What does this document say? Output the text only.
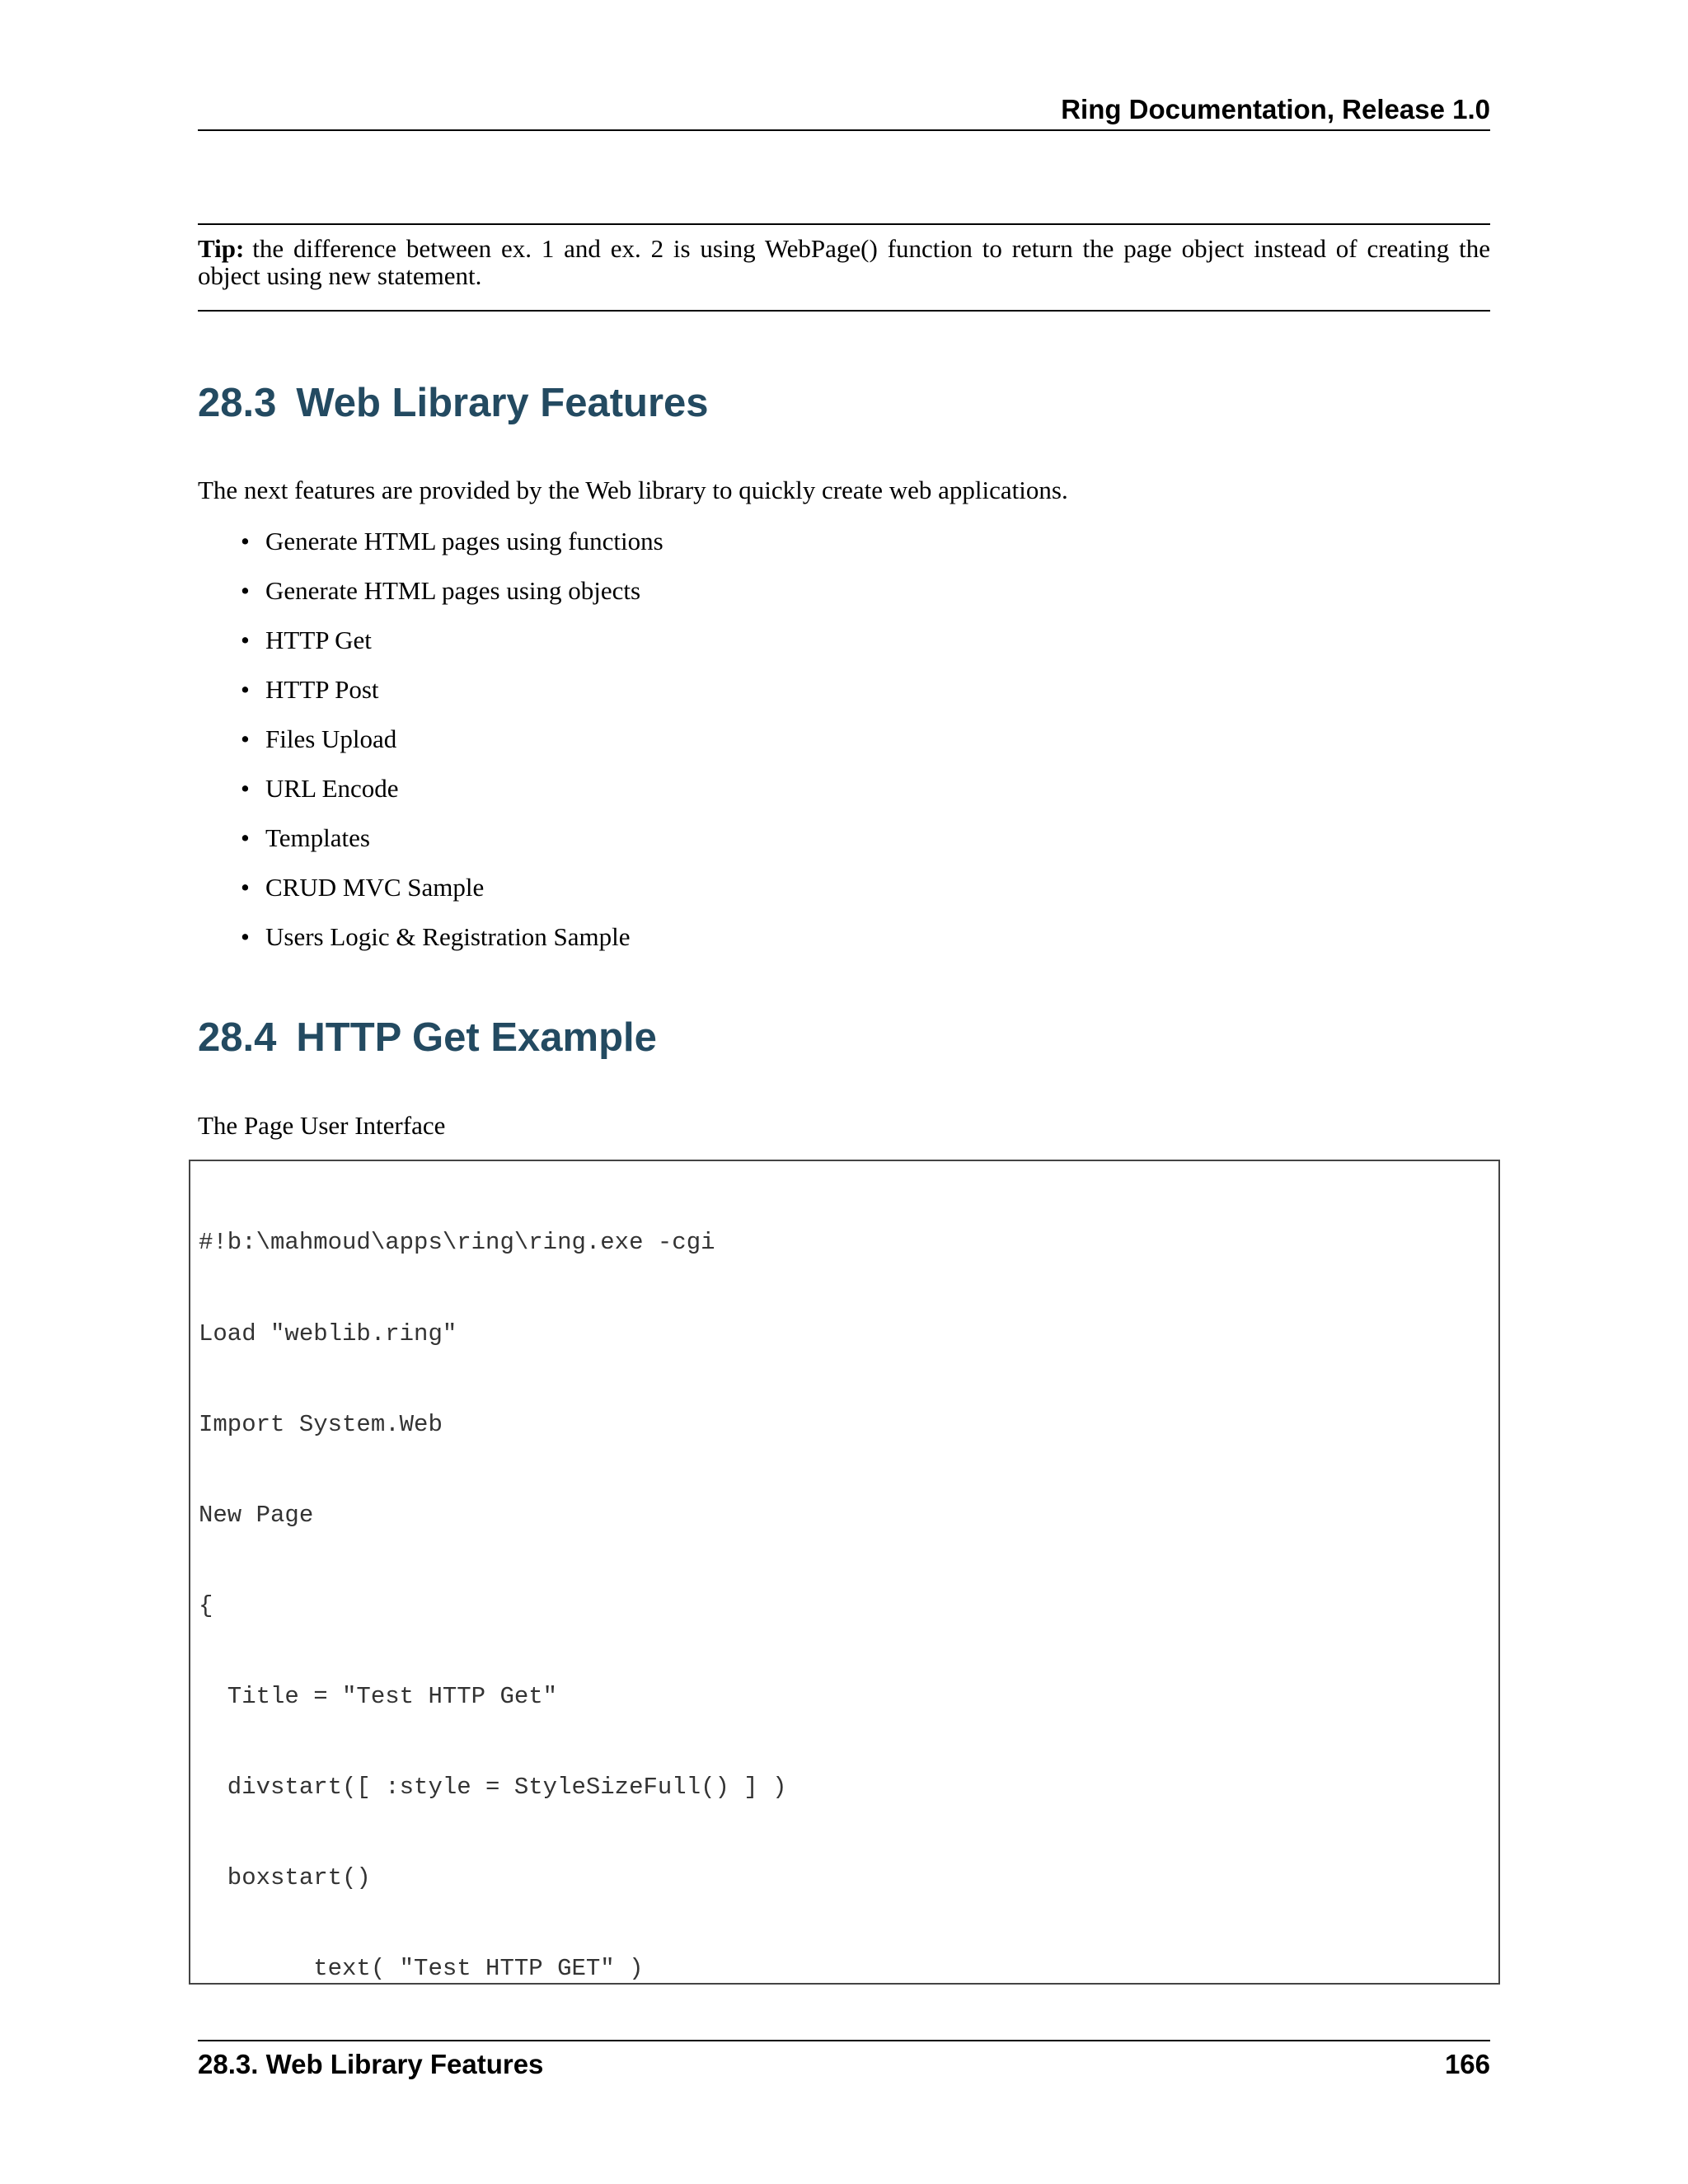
Ring Documentation, Release 1.0
Tip: the difference between ex. 1 and ex. 2 is using WebPage() function to return the page object instead of creating the object using new statement.
28.3 Web Library Features
The next features are provided by the Web library to quickly create web applications.
• Generate HTML pages using functions
• Generate HTML pages using objects
• HTTP Get
• HTTP Post
• Files Upload
• URL Encode
• Templates
• CRUD MVC Sample
• Users Logic & Registration Sample
28.4 HTTP Get Example
The Page User Interface

#!b:\mahmoud\apps\ring\ring.exe -cgi

Load "weblib.ring"

Import System.Web

New Page

{

Title = "Test HTTP Get"

divstart([ :style = StyleSizeFull() ] )

boxstart()

text( "Test HTTP GET" )

28.3. Web Library Features	166
